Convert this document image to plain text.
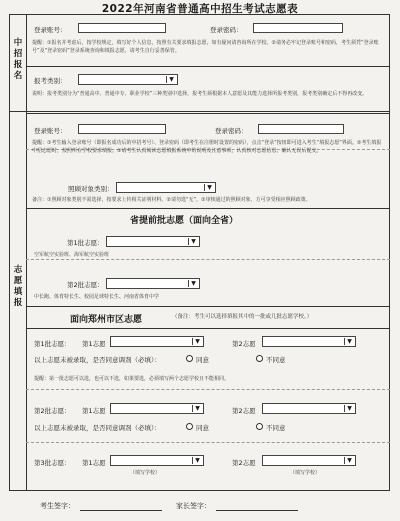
2022年河南省普通高中招生考试志愿表
中招报名
志愿填报
登录账号：	登录密码：
提醒：①报名并考虑后，按学校规定，填写好个人信息，按照有关要求填报志愿，如有疑问请咨询所在学校。②请务必牢记登录账号和密码，考生须凭“登录账号”及“登录密码”登录系统查询和填报志愿，请考生自行妥善保管。
报考类别：	▼
说明：报考类别分为“普通高中、普通中专、职业学校”三种类别中选择，报考生须根据本人意愿及其能力选择所报考类别，报考类别确定后不得再改变。
登录账号：	登录密码：
提醒：①考生输入登录账号（即报名成功后的中招考号）、登录密码（即考生在注册时设置的密码），点击“登录”按钮即可进入考生“填报志愿”界面。②考生填报中招志愿时，按照所在学校要求填报。③请考生认真阅读志愿填报系统中的说明及注意事项，认真核对志愿信息，确认无误后提交。
照顾对象类别：	▼
备注：①照顾对象类别不需选择，按要求上传相关证明材料。②请勿选“无”，②审核通过的照顾对象，方可享受相应照顾政策。
省提前批志愿（面向全省）
第1批志愿：	▼
空军航空实验班、海军航空实验班
第2批志愿：	▼
中长跑、体育特长生、校园足球特长生、河南省体育中学
面向郑州市区志愿	（备注：考生可以选择填报其中的一批或几批志愿学校。）
第1批志愿： 第1志愿	▼	第2志愿	▼
以上志愿未被录取，是否同意调剂（必填）：	同意	不同意
提醒：第一批志愿可以选，也可以不选，如果要选，必须填写两个志愿学校且不能相同。
第2批志愿： 第1志愿	▼	第2志愿	▼
以上志愿未被录取，是否同意调剂（必填）：	同意	不同意
第3批志愿： 第1志愿	▼	第2志愿	▼
（填写学校）	（填写学校）
考生签字：	家长签字：
